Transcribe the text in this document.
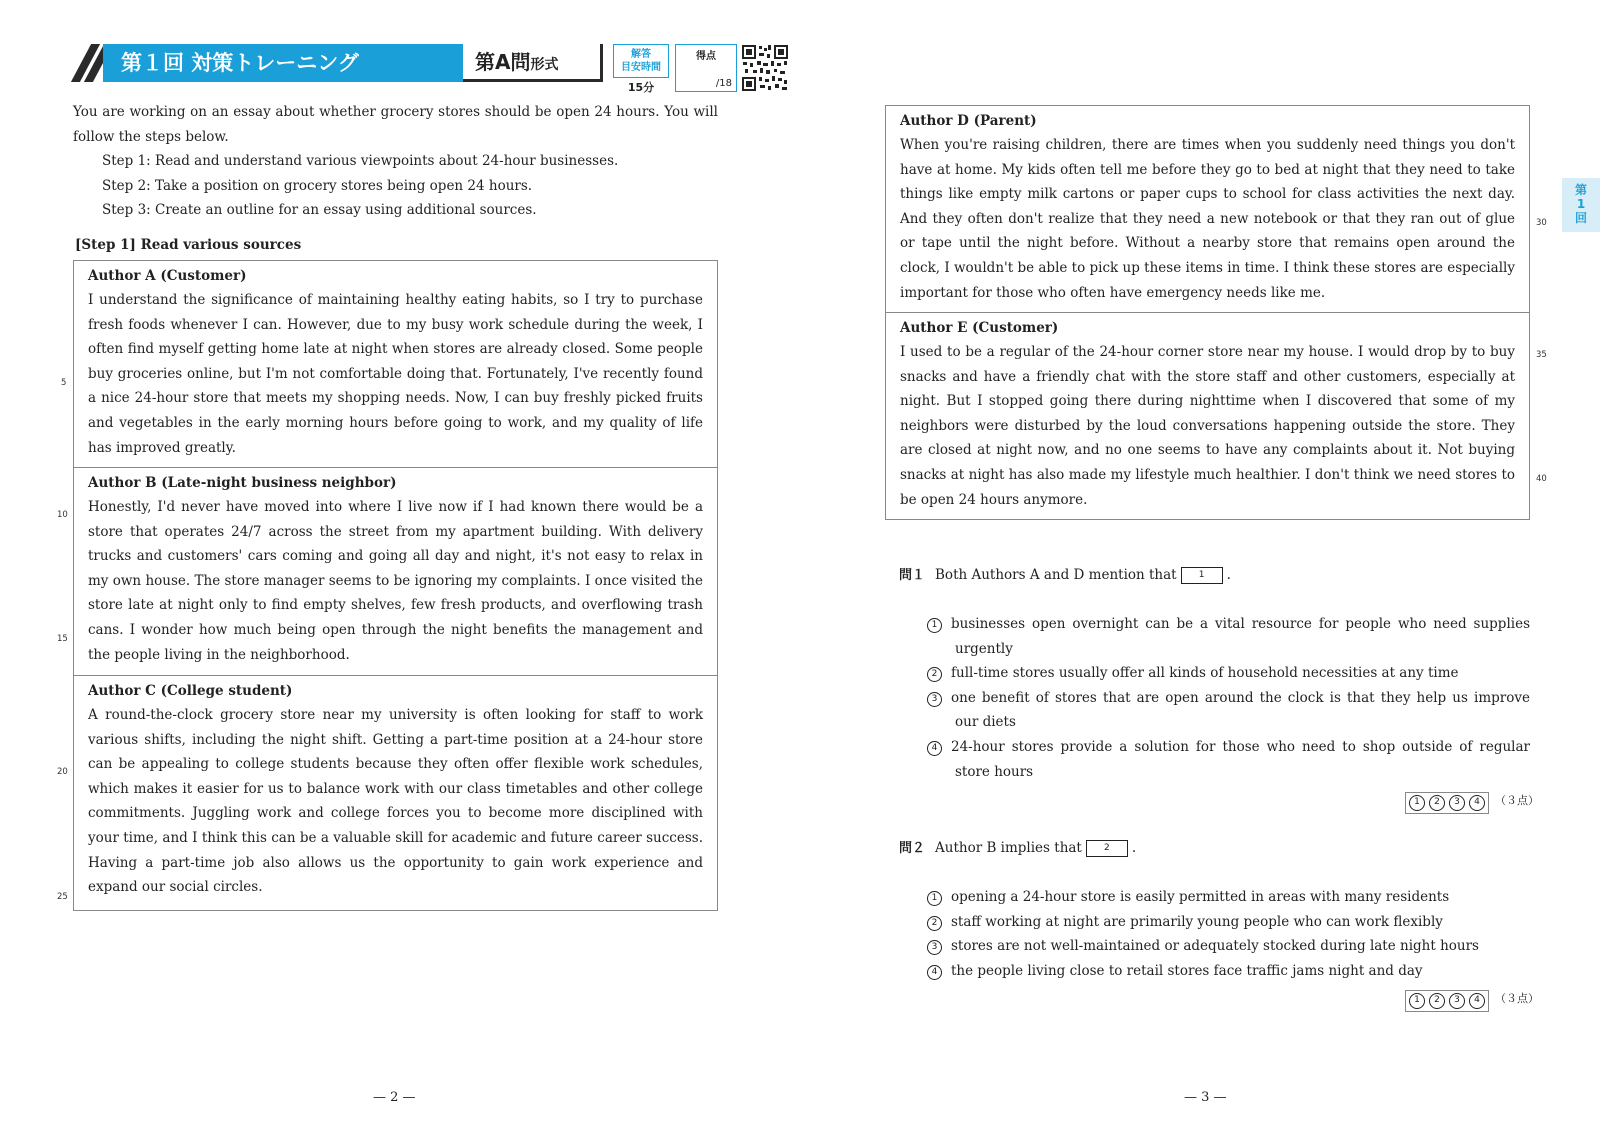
第１回 対策トレーニング	第A問形式
解答
目安時間
15分
得点
/18
You are working on an essay about whether grocery stores should be open 24 hours. You will follow the steps below.
Step 1: Read and understand various viewpoints about 24-hour businesses.
Step 2: Take a position on grocery stores being open 24 hours.
Step 3: Create an outline for an essay using additional sources.
[Step 1] Read various sources
Author A (Customer)
I understand the significance of maintaining healthy eating habits, so I try to purchase fresh foods whenever I can. However, due to my busy work schedule during the week, I often find myself getting home late at night when stores are already closed. Some people buy groceries online, but I'm not comfortable doing that. Fortunately, I've recently found a nice 24-hour store that meets my shopping needs. Now, I can buy freshly picked fruits and vegetables in the early morning hours before going to work, and my quality of life has improved greatly.
Author B (Late-night business neighbor)
Honestly, I'd never have moved into where I live now if I had known there would be a store that operates 24/7 across the street from my apartment building. With delivery trucks and customers' cars coming and going all day and night, it's not easy to relax in my own house. The store manager seems to be ignoring my complaints. I once visited the store late at night only to find empty shelves, few fresh products, and overflowing trash cans. I wonder how much being open through the night benefits the management and the people living in the neighborhood.
Author C (College student)
A round-the-clock grocery store near my university is often looking for staff to work various shifts, including the night shift. Getting a part-time position at a 24-hour store can be appealing to college students because they often offer flexible work schedules, which makes it easier for us to balance work with our class timetables and other college commitments. Juggling work and college forces you to become more disciplined with your time, and I think this can be a valuable skill for academic and future career success. Having a part-time job also allows us the opportunity to gain work experience and expand our social circles.
5
10
15
20
25
— 2 —
Author D (Parent)
When you're raising children, there are times when you suddenly need things you don't have at home. My kids often tell me before they go to bed at night that they need to take things like empty milk cartons or paper cups to school for class activities the next day. And they often don't realize that they need a new notebook or that they ran out of glue or tape until the night before. Without a nearby store that remains open around the clock, I wouldn't be able to pick up these items in time. I think these stores are especially important for those who often have emergency needs like me.
Author E (Customer)
I used to be a regular of the 24-hour corner store near my house. I would drop by to buy snacks and have a friendly chat with the store staff and other customers, especially at night. But I stopped going there during nighttime when I discovered that some of my neighbors were disturbed by the loud conversations happening outside the store. They are closed at night now, and no one seems to have any complaints about it. Not buying snacks at night has also made my lifestyle much healthier. I don't think we need stores to be open 24 hours anymore.
30
35
40
第
1
回
問１ Both Authors A and D mention that 1 .
1 businesses open overnight can be a vital resource for people who need supplies urgently
2 full-time stores usually offer all kinds of household necessities at any time
3 one benefit of stores that are open around the clock is that they help us improve our diets
4 24-hour stores provide a solution for those who need to shop outside of regular store hours
1	2	3	4	（３点）
問２ Author B implies that 2 .
1 opening a 24-hour store is easily permitted in areas with many residents
2 staff working at night are primarily young people who can work flexibly
3 stores are not well-maintained or adequately stocked during late night hours
4 the people living close to retail stores face traffic jams night and day
1	2	3	4	（３点）
— 3 —
